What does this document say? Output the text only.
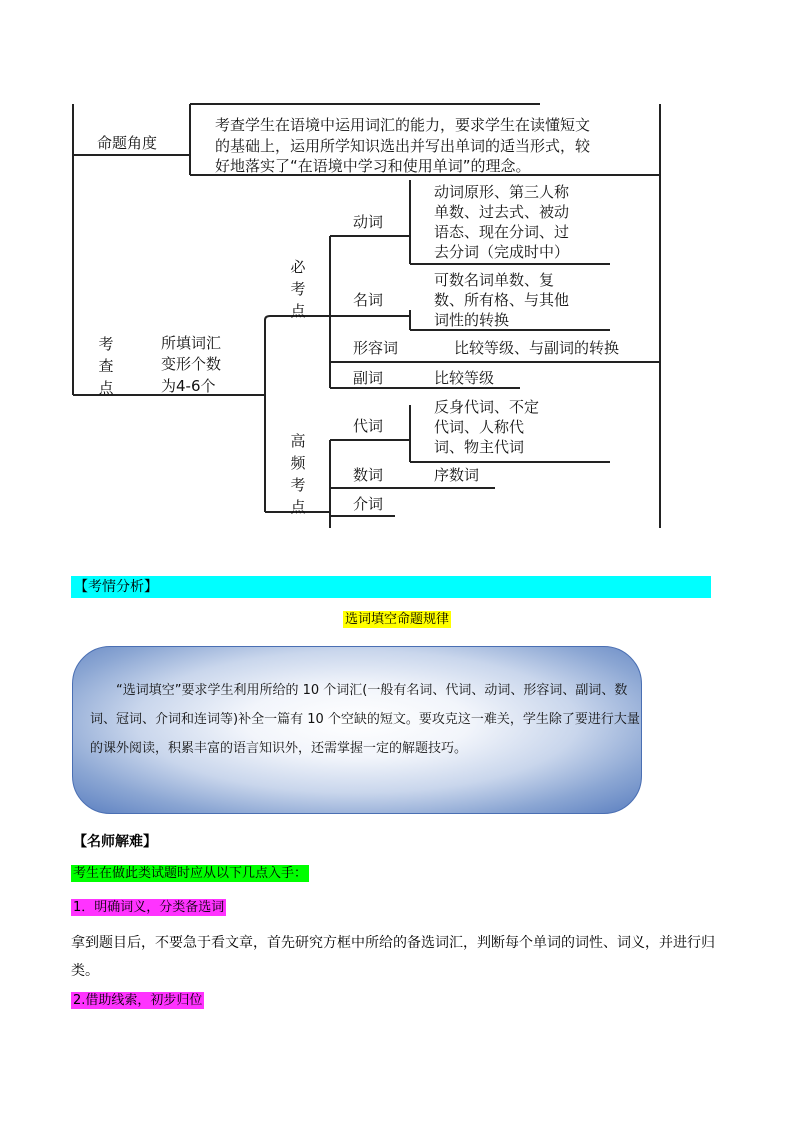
命题角度
考查学生在语境中运用词汇的能力，要求学生在读懂短文
的基础上，运用所学知识选出并写出单词的适当形式，较
好地落实了“在语境中学习和使用单词”的理念。
考查点
所填词汇
变形个数
为4-6个
必考点
高频考点
动词
动词原形、第三人称
单数、过去式、被动
语态、现在分词、过
去分词（完成时中）
名词
可数名词单数、复
数、所有格、与其他
词性的转换
形容词	比较等级、与副词的转换
副词	比较等级
代词
反身代词、不定
代词、人称代
词、物主代词
数词	序数词
介词
【考情分析】
选词填空命题规律
“选词填空”要求学生利用所给的 10 个词汇(一般有名词、代词、动词、形容词、副词、数词、冠词、介词和连词等)补全一篇有 10 个空缺的短文。要攻克这一难关，学生除了要进行大量的课外阅读，积累丰富的语言知识外，还需掌握一定的解题技巧。
【名师解难】
考生在做此类试题时应从以下几点入手：
1．明确词义，分类备选词
拿到题目后，不要急于看文章，首先研究方框中所给的备选词汇，判断每个单词的词性、词义，并进行归类。
2.借助线索，初步归位
